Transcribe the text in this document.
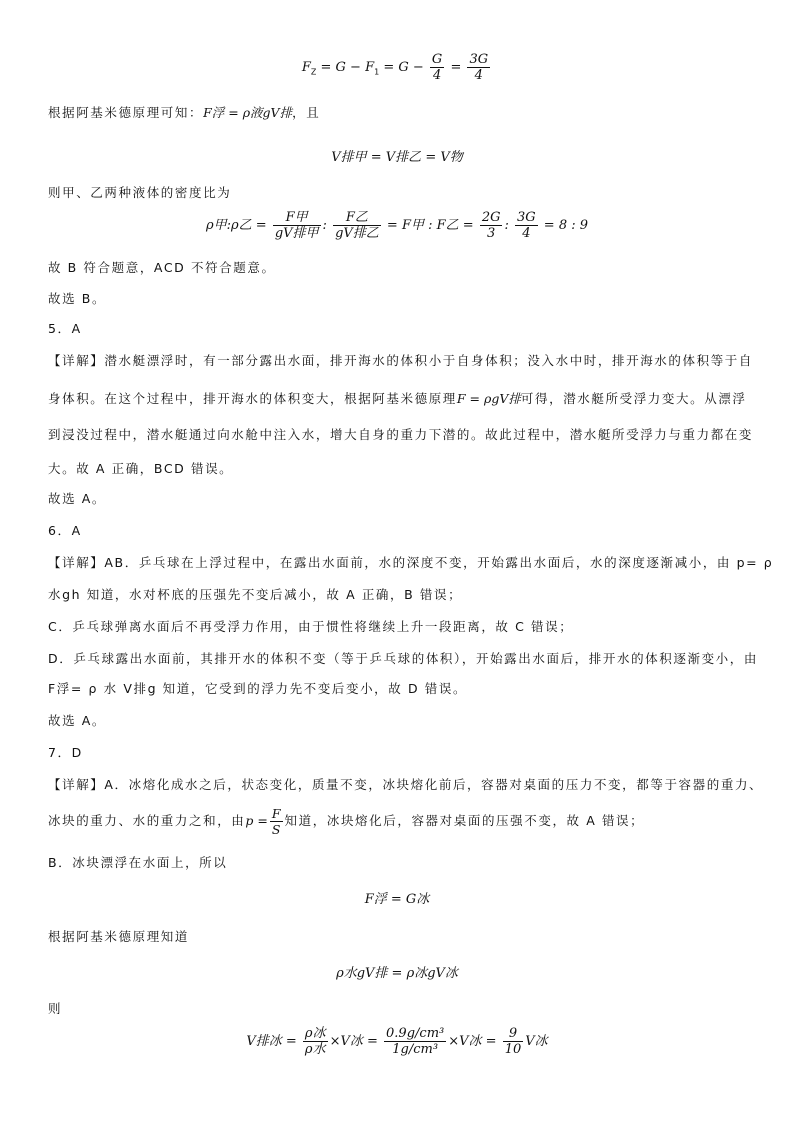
$F_Z = G - F_1 = G - \frac{G}{4} = \frac{3G}{4}$
根据阿基米德原理可知：F浮 = ρ液gV排，且
V排甲 = V排乙 = V物
则甲、乙两种液体的密度比为
ρ甲:ρ乙 = $\frac{\text{F甲}}{\text{gV排甲}}$ : $\frac{\text{F乙}}{\text{gV排乙}} = F$甲 : F乙 = $\frac{2G}{3}$ : $\frac{3G}{4} = 8$ : 9
故 B 符合题意，ACD 不符合题意。
故选 B。
5．A
【详解】潜水艇漂浮时，有一部分露出水面，排开海水的体积小于自身体积；没入水中时，排开海水的体积等于自
身体积。在这个过程中，排开海水的体积变大，根据阿基米德原理F = ρgV排可得，潜水艇所受浮力变大。从漂浮
到浸没过程中，潜水艇通过向水舱中注入水，增大自身的重力下潜的。故此过程中，潜水艇所受浮力与重力都在变
大。故 A 正确，BCD 错误。
故选 A。
6．A
【详解】AB．乒乓球在上浮过程中，在露出水面前，水的深度不变，开始露出水面后，水的深度逐渐减小，由 p= ρ
水gh 知道，水对杯底的压强先不变后减小，故 A 正确，B 错误；
C．乒乓球弹离水面后不再受浮力作用，由于惯性将继续上升一段距离，故 C 错误；
D．乒乓球露出水面前，其排开水的体积不变（等于乒乓球的体积），开始露出水面后，排开水的体积逐渐变小，由
F浮= ρ 水 V排g 知道，它受到的浮力先不变后变小，故 D 错误。
故选 A。
7．D
【详解】A．冰熔化成水之后，状态变化，质量不变，冰块熔化前后，容器对桌面的压力不变，都等于容器的重力、
冰块的重力、水的重力之和，由$p = \frac{F}{S}$ 知道，冰块熔化后，容器对桌面的压强不变，故 A 错误；
B．冰块漂浮在水面上，所以
F浮 = G冰
根据阿基米德原理知道
ρ水gV排 = ρ冰gV冰
则
V排冰 = $\frac{\text{ρ冰}}{\text{ρ水}} \times V$冰 = $\frac{\text{0.9g/cm³}}{\text{1g/cm³}} \times V$冰 = $\frac{9}{10}$ V冰
